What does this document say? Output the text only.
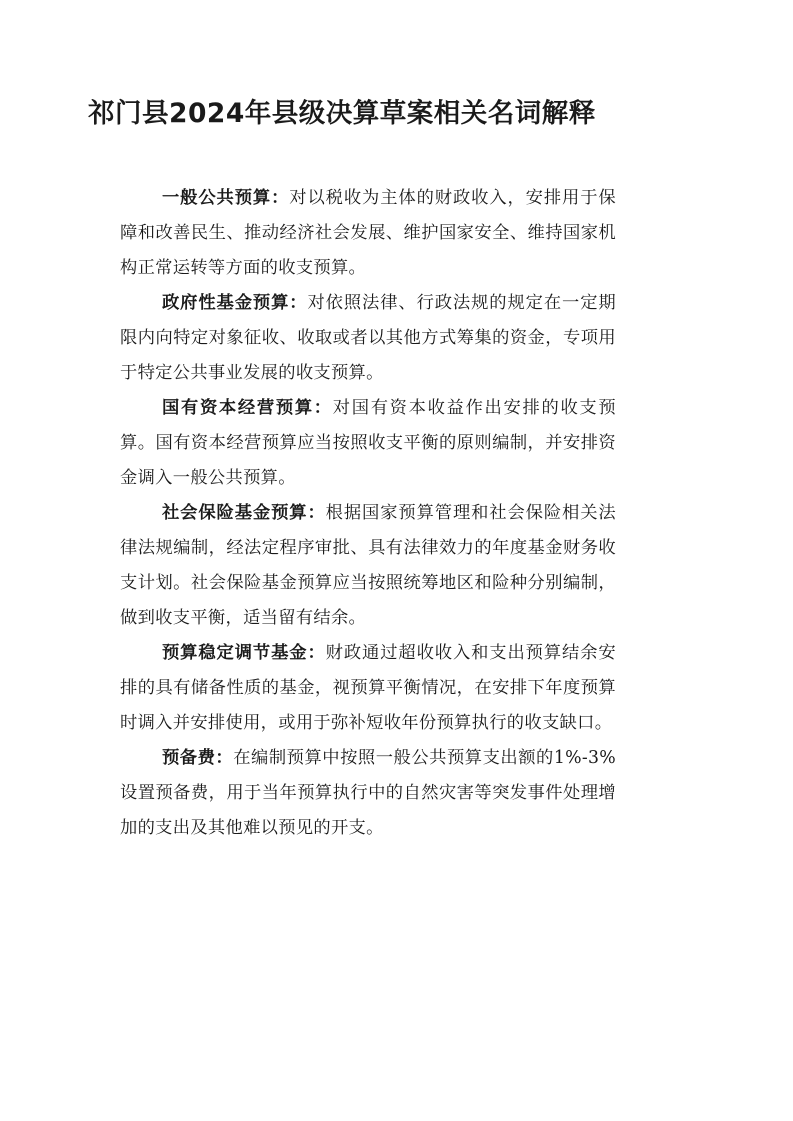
祁门县2024年县级决算草案相关名词解释

一般公共预算：对以税收为主体的财政收入，安排用于保障和改善民生、推动经济社会发展、维护国家安全、维持国家机构正常运转等方面的收支预算。

政府性基金预算：对依照法律、行政法规的规定在一定期限内向特定对象征收、收取或者以其他方式筹集的资金，专项用于特定公共事业发展的收支预算。

国有资本经营预算：对国有资本收益作出安排的收支预算。国有资本经营预算应当按照收支平衡的原则编制，并安排资金调入一般公共预算。

社会保险基金预算：根据国家预算管理和社会保险相关法律法规编制，经法定程序审批、具有法律效力的年度基金财务收支计划。社会保险基金预算应当按照统筹地区和险种分别编制，做到收支平衡，适当留有结余。

预算稳定调节基金：财政通过超收收入和支出预算结余安排的具有储备性质的基金，视预算平衡情况，在安排下年度预算时调入并安排使用，或用于弥补短收年份预算执行的收支缺口。

预备费：在编制预算中按照一般公共预算支出额的1%-3%设置预备费，用于当年预算执行中的自然灾害等突发事件处理增加的支出及其他难以预见的开支。
